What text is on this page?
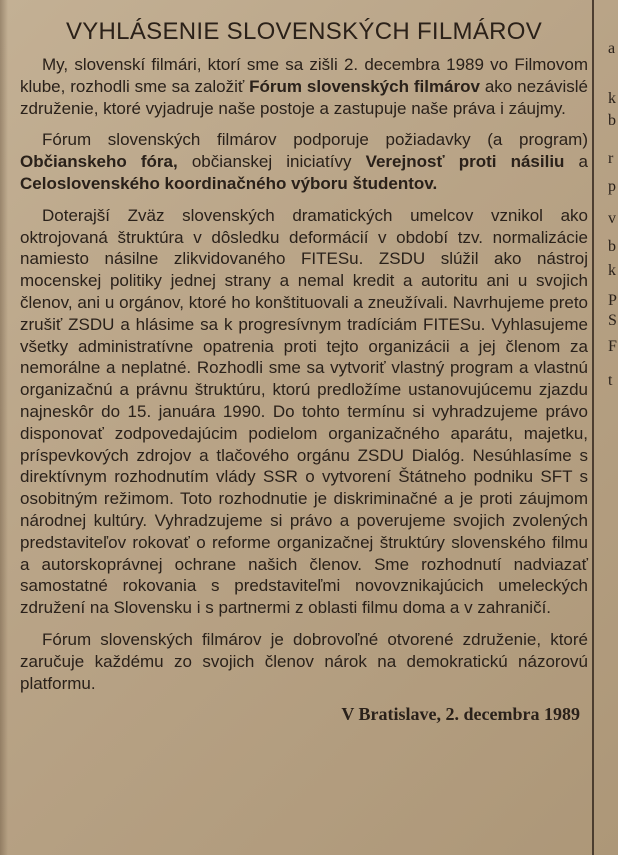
VYHLÁSENIE SLOVENSKÝCH FILMÁROV

My, slovenskí filmári, ktorí sme sa zišli 2. decembra 1989 vo Filmovom klube, rozhodli sme sa založiť Fórum slovenských filmárov ako nezávislé združenie, ktoré vyjadruje naše postoje a zastupuje naše práva i záujmy.

Fórum slovenských filmárov podporuje požiadavky (a program) Občianskeho fóra, občianskej iniciatívy Verejnosť proti násiliu a Celoslovenského koordinačného výboru študentov.

Doterajší Zväz slovenských dramatických umelcov vznikol ako oktrojovaná štruktúra v dôsledku deformácií v období tzv. normalizácie namiesto násilne zlikvidovaného FITESu. ZSDU slúžil ako nástroj mocenskej politiky jednej strany a nemal kredit a autoritu ani u svojich členov, ani u orgánov, ktoré ho konštituovali a zneužívali. Navrhujeme preto zrušiť ZSDU a hlásime sa k progresívnym tradíciám FITESu. Vyhlasujeme všetky administratívne opatrenia proti tejto organizácii a jej členom za nemorálne a neplatné. Rozhodli sme sa vytvoriť vlastný program a vlastnú organizačnú a právnu štruktúru, ktorú predložíme ustanovujúcemu zjazdu najneskôr do 15. januára 1990. Do tohto termínu si vyhradzujeme právo disponovať zodpovedajúcim podielom organizačného aparátu, majetku, príspevkových zdrojov a tlačového orgánu ZSDU Dialóg. Nesúhlasíme s direktívnym rozhodnutím vlády SSR o vytvorení Štátneho podniku SFT s osobitným režimom. Toto rozhodnutie je diskriminačné a je proti záujmom národnej kultúry. Vyhradzujeme si právo a poverujeme svojich zvolených predstaviteľov rokovať o reforme organizačnej štruktúry slovenského filmu a autorskoprávnej ochrane našich členov. Sme rozhodnutí nadviazať samostatné rokovania s predstaviteľmi novovznikajúcich umeleckých združení na Slovensku i s partnermi z oblasti filmu doma a v zahraničí.

Fórum slovenských filmárov je dobrovoľné otvorené združenie, ktoré zaručuje každému zo svojich členov nárok na demokratickú názorovú platformu.

V Bratislave, 2. decembra 1989
a
k
b
r
p
v
b
k
P
S
F
t
